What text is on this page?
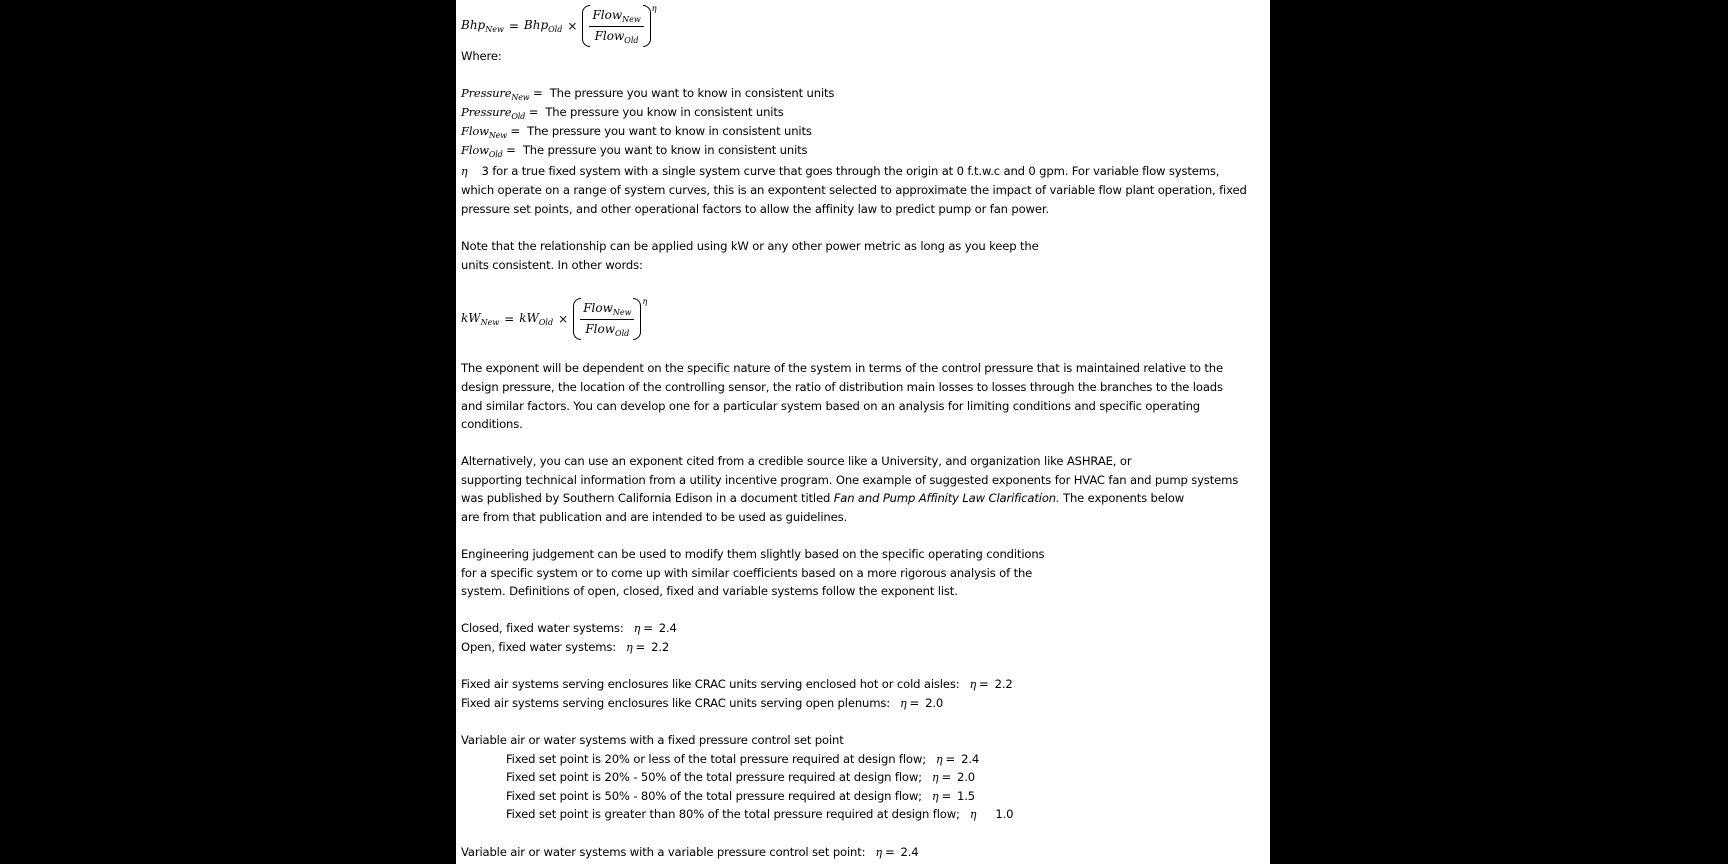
$Bhp_{New} = Bhp_{Old} \times \frac{Flow_{New}}{Flow_{Old}}$ η
Where:
Pressure$_{New}$ = The pressure you want to know in consistent units
Pressure$_{Old}$ = The pressure you know in consistent units
Flow$_{New}$ = The pressure you want to know in consistent units
Flow$_{Old}$ = The pressure you want to know in consistent units
η 3 for a true fixed system with a single system curve that goes through the origin at 0 f.t.w.c and 0 gpm. For variable flow systems,
which operate on a range of system curves, this is an expontent selected to approximate the impact of variable flow plant operation, fixed
pressure set points, and other operational factors to allow the affinity law to predict pump or fan power.
Note that the relationship can be applied using kW or any other power metric as long as you keep the
units consistent. In other words:
$kW_{New} = kW_{Old} \times \frac{Flow_{New}}{Flow_{Old}}$ η
The exponent will be dependent on the specific nature of the system in terms of the control pressure that is maintained relative to the
design pressure, the location of the controlling sensor, the ratio of distribution main losses to losses through the branches to the loads
and similar factors. You can develop one for a particular system based on an analysis for limiting conditions and specific operating
conditions.
Alternatively, you can use an exponent cited from a credible source like a University, and organization like ASHRAE, or
supporting technical information from a utility incentive program. One example of suggested exponents for HVAC fan and pump systems
was published by Southern California Edison in a document titled Fan and Pump Affinity Law Clarification. The exponents below
are from that publication and are intended to be used as guidelines.
Engineering judgement can be used to modify them slightly based on the specific operating conditions
for a specific system or to come up with similar coefficients based on a more rigorous analysis of the
system. Definitions of open, closed, fixed and variable systems follow the exponent list.
Closed, fixed water systems: η = 2.4
Open, fixed water systems: η = 2.2
Fixed air systems serving enclosures like CRAC units serving enclosed hot or cold aisles: η = 2.2
Fixed air systems serving enclosures like CRAC units serving open plenums: η = 2.0
Variable air or water systems with a fixed pressure control set point
Fixed set point is 20% or less of the total pressure required at design flow; η = 2.4
Fixed set point is 20% - 50% of the total pressure required at design flow; η = 2.0
Fixed set point is 50% - 80% of the total pressure required at design flow; η = 1.5
Fixed set point is greater than 80% of the total pressure required at design flow; η 1.0
Variable air or water systems with a variable pressure control set point: η = 2.4
